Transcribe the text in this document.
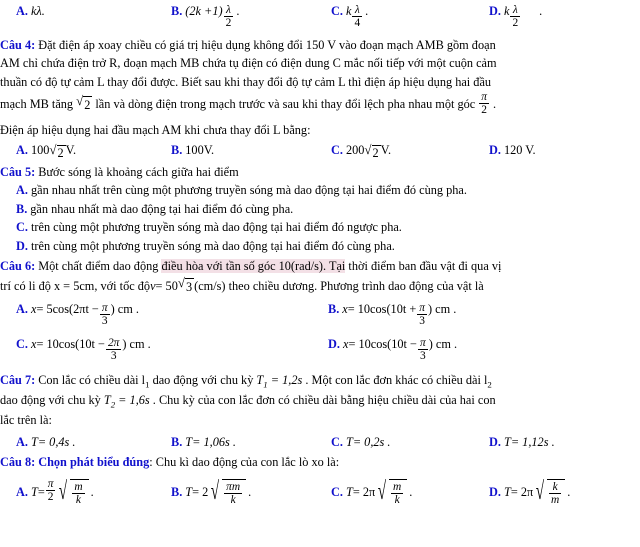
A. kλ.	B. $(2k +1) \frac{\lambda}{2}$ .	C. k $\frac{\lambda}{4}$ .	D. k $\frac{\lambda}{2}$ .
Câu 4: Đặt điện áp xoay chiều có giá trị hiệu dụng không đổi 150 V vào đoạn mạch AMB gồm đoạn
AM chỉ chứa điện trở R, đoạn mạch MB chứa tụ điện có điện dung C mắc nối tiếp với một cuộn cảm
thuần có độ tự cảm L thay đổi được. Biết sau khi thay đổi độ tự cảm L thì điện áp hiệu dụng hai đầu
mạch MB tăng √ 2 lần và dòng điện trong mạch trước và sau khi thay đổi lệch pha nhau một góc $\frac{\pi}{2}$ .
Điện áp hiệu dụng hai đầu mạch AM khi chưa thay đổi L bằng:
A. 100 √ 2 V.	B. 100V.	C. 200 √ 2 V.	D. 120 V.
Câu 5: Bước sóng là khoảng cách giữa hai điểm
A. gần nhau nhất trên cùng một phương truyền sóng mà dao động tại hai điểm đó cùng pha.
B. gần nhau nhất mà dao động tại hai điểm đó cùng pha.
C. trên cùng một phương truyền sóng mà dao động tại hai điểm đó ngược pha.
D. trên cùng một phương truyền sóng mà dao động tại hai điểm đó cùng pha.
Câu 6: Một chất điểm dao động điều hòa với tần số góc 10(rad/s). Tại thời điểm ban đầu vật đi qua vị
trí có li độ x = 5cm, với tốc độ v = 50 √ 3 (cm/s) theo chiều dương. Phương trình dao động của vật là
A. $x = 5\cos(2\pi t - \frac{\pi}{3}$ ) cm .	B. $x = 10\cos(10t + \frac{\pi}{3}$ ) cm .
C. $x = 10\cos(10t - \frac{2\pi}{3}$ ) cm .	D. $x = 10\cos(10t - \frac{\pi}{3}$ ) cm .
Câu 7: Con lắc có chiều dài $l_1$ dao động với chu kỳ $T_1 = 1,2s$ . Một con lắc đơn khác có chiều dài $l_2$
dao động với chu kỳ $T_2 = 1,6s$ . Chu kỳ của con lắc đơn có chiều dài bằng hiệu chiều dài của hai con
lắc trên là:
A. T = 0,4s .	B. T = 1,06s .	C. T = 0,2s .	D. T = 1,12s .
Câu 8: Chọn phát biểu đúng: Chu kì dao động của con lắc lò xo là:
A. $T = \frac{\pi}{2}$ √ $\frac{m}{k}$ .	B. T = 2 √ $\frac{\pi m}{k}$ .	C. T = 2π √ $\frac{m}{k}$ .	D. T = 2π √ $\frac{k}{m}$ .
